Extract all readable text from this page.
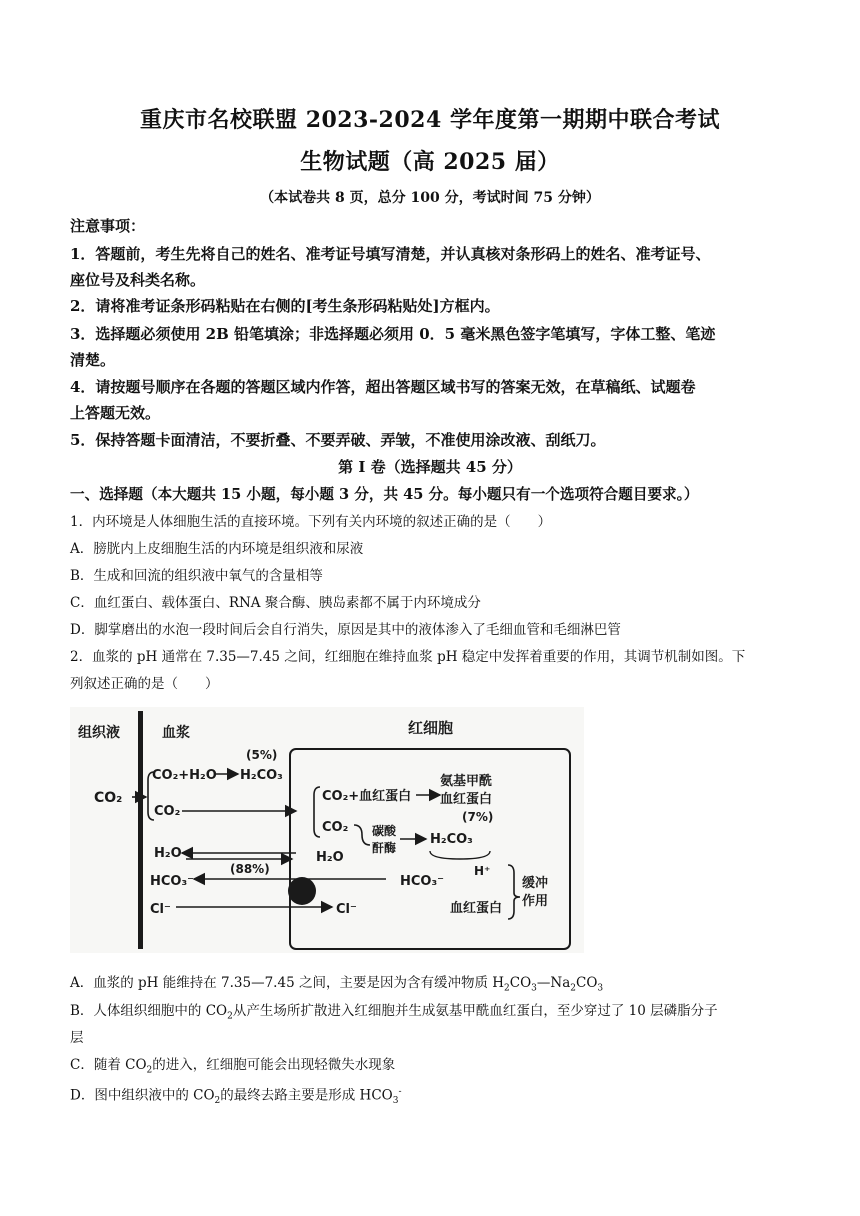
重庆市名校联盟 2023-2024 学年度第一期期中联合考试
生物试题（高 2025 届）
（本试卷共 8 页，总分 100 分，考试时间 75 分钟）
注意事项：
1．答题前，考生先将自己的姓名、准考证号填写清楚，并认真核对条形码上的姓名、准考证号、
座位号及科类名称。
2．请将准考证条形码粘贴在右侧的[考生条形码粘贴处]方框内。
3．选择题必须使用 2B 铅笔填涂；非选择题必须用 0．5 毫米黑色签字笔填写，字体工整、笔迹
清楚。
4．请按题号顺序在各题的答题区域内作答，超出答题区域书写的答案无效，在草稿纸、试题卷
上答题无效。
5．保持答题卡面清洁，不要折叠、不要弄破、弄皱，不准使用涂改液、刮纸刀。
第 I 卷（选择题共 45 分）
一、选择题（本大题共 15 小题，每小题 3 分，共 45 分。每小题只有一个选项符合题目要求。）
1．内环境是人体细胞生活的直接环境。下列有关内环境的叙述正确的是（　　）
A．膀胱内上皮细胞生活的内环境是组织液和尿液
B．生成和回流的组织液中氧气的含量相等
C．血红蛋白、载体蛋白、RNA 聚合酶、胰岛素都不属于内环境成分
D．脚掌磨出的水泡一段时间后会自行消失，原因是其中的液体渗入了毛细血管和毛细淋巴管
2．血浆的 pH 通常在 7.35—7.45 之间，红细胞在维持血浆 pH 稳定中发挥着重要的作用，其调节机制如图。下
列叙述正确的是（　　）
组织液	血浆	红细胞
(5%)
CO₂
CO₂+H₂O H₂CO₃
CO₂
CO₂+血红蛋白
氨基甲酰
血红蛋白
(7%)
CO₂ 碳酸
酐酶
H₂CO₃
H₂O	H₂O
(88%)
HCO₃⁻	HCO₃⁻
H⁺
血红蛋白
缓冲
作用
Cl⁻	Cl⁻
A．血浆的 pH 能维持在 7.35—7.45 之间，主要是因为含有缓冲物质 $H_2CO_3—Na_2CO_3$
B．人体组织细胞中的 $CO_2$从产生场所扩散进入红细胞并生成氨基甲酰血红蛋白，至少穿过了 10 层磷脂分子
层
C．随着 $CO_2$的进入，红细胞可能会出现轻微失水现象
D．图中组织液中的 $CO_2$的最终去路主要是形成 $HCO_3^-$
